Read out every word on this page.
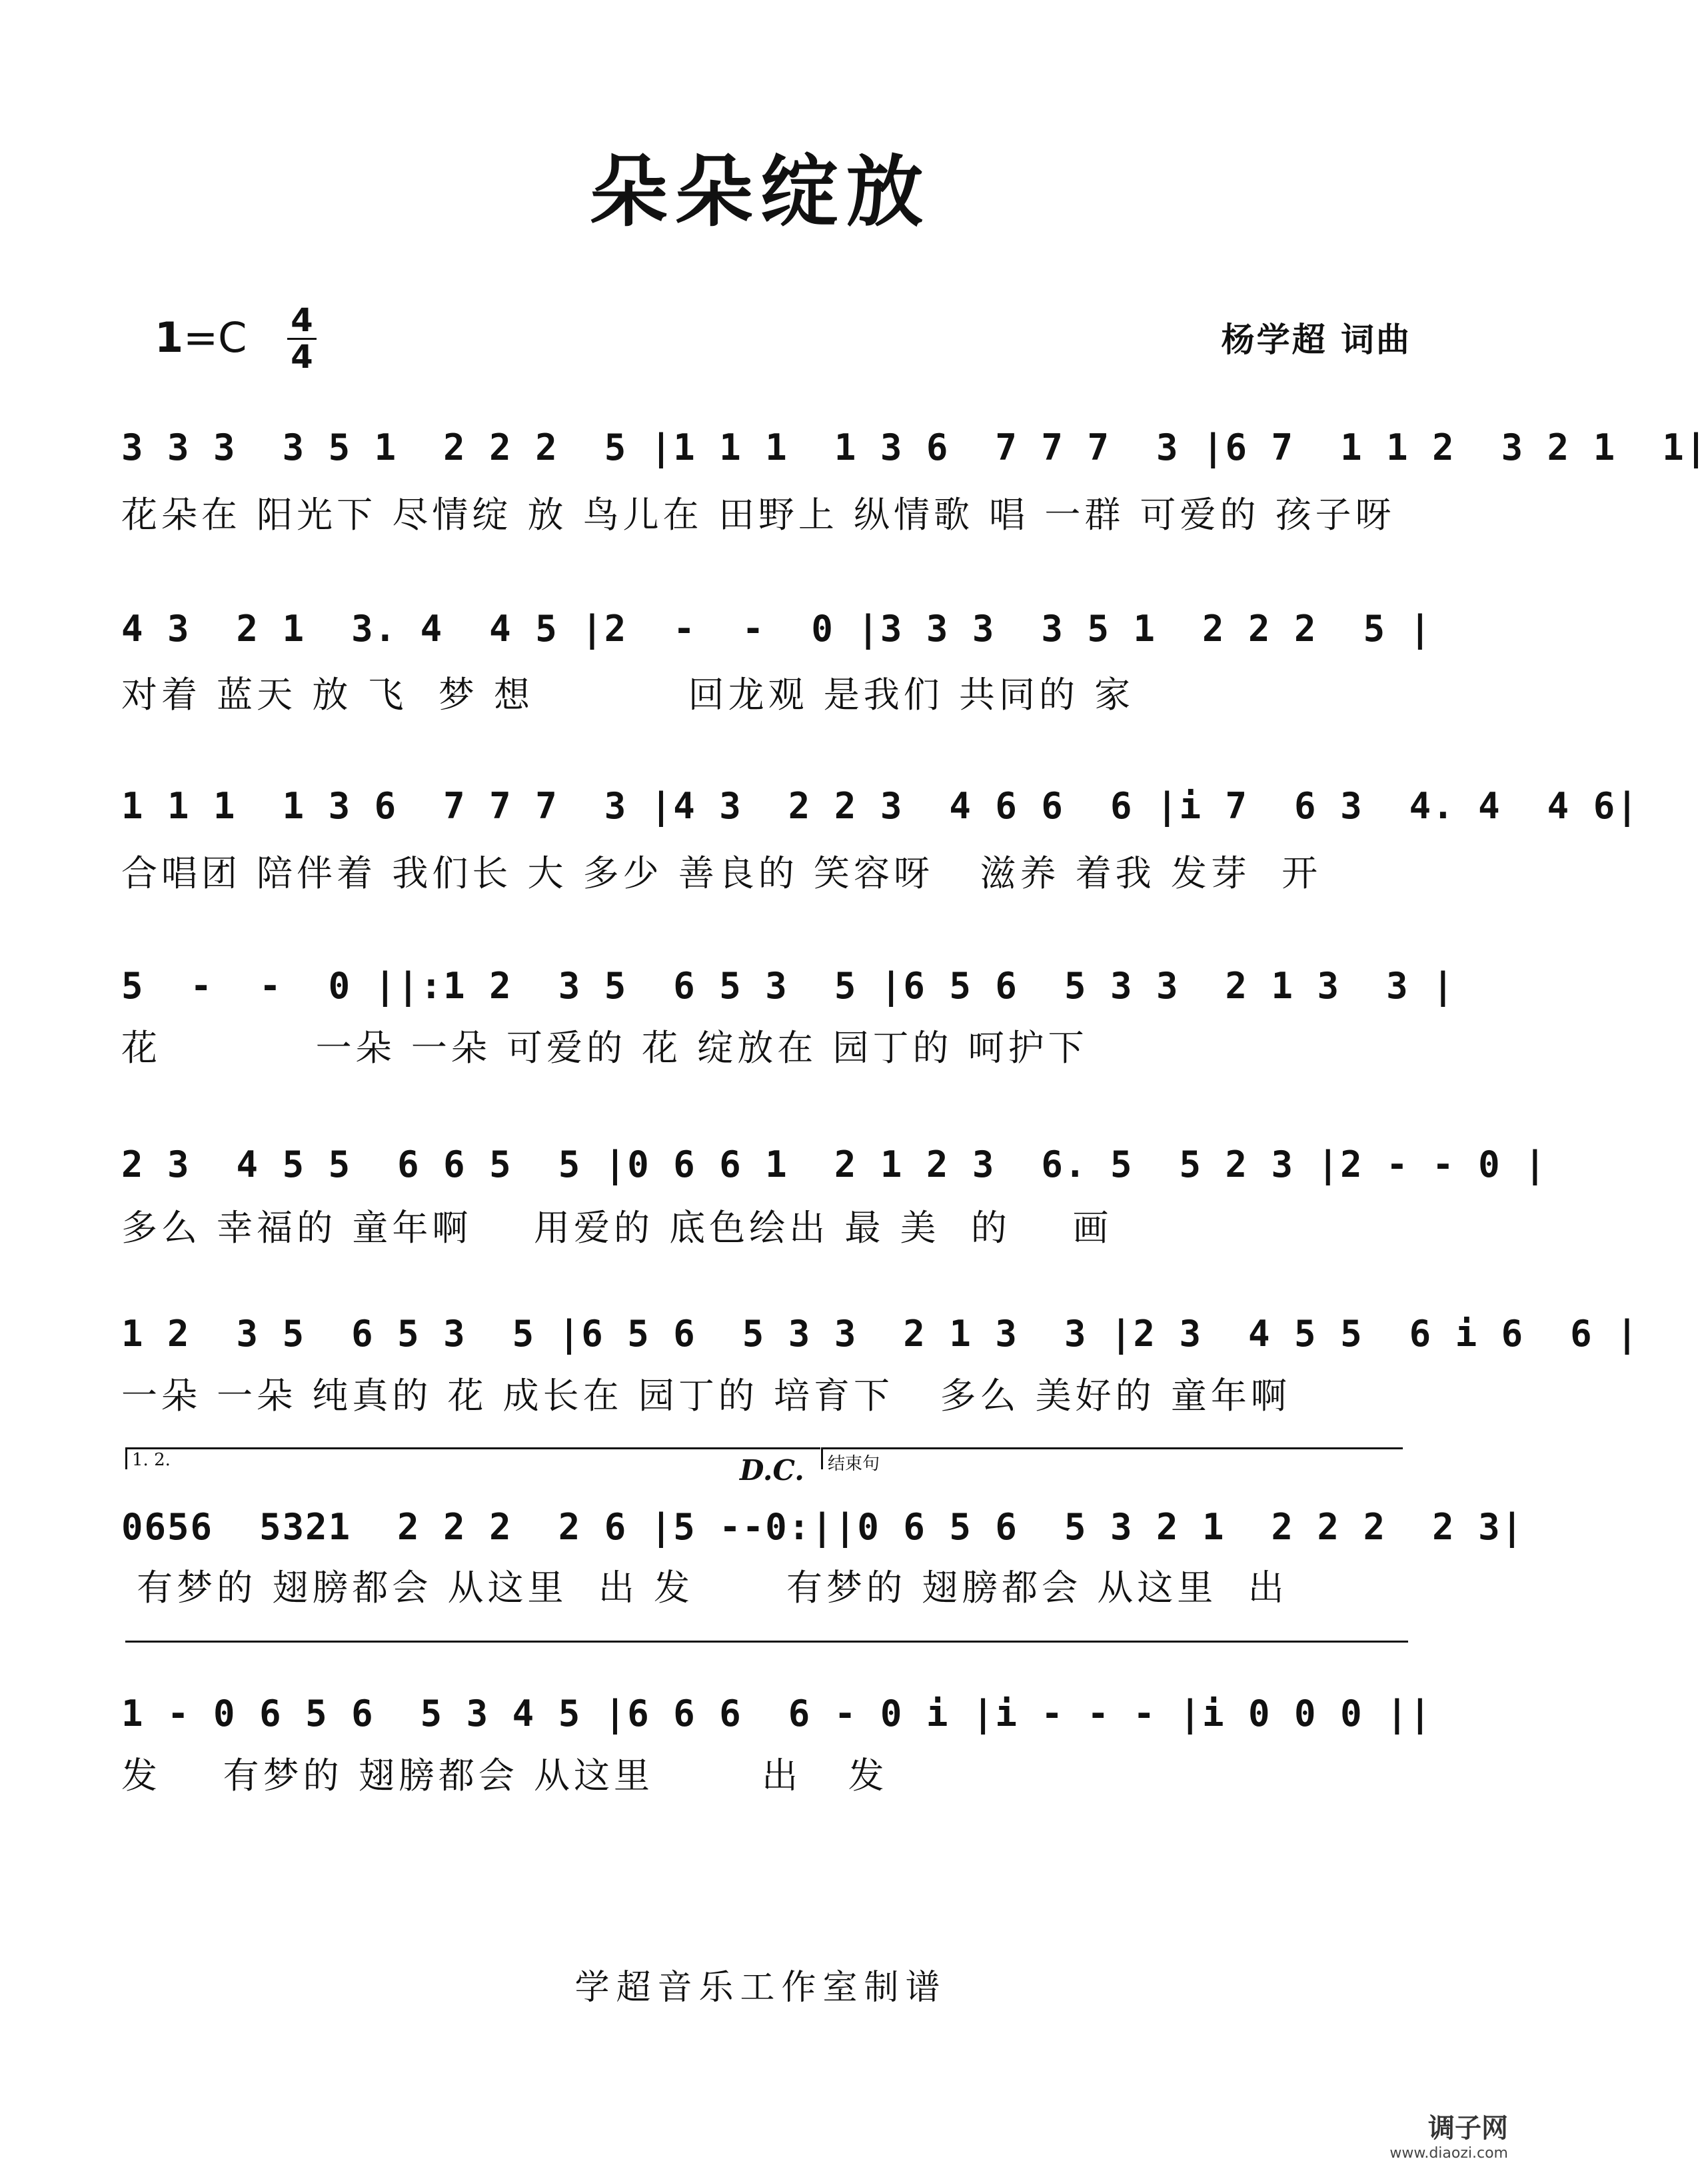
朵朵绽放
1=C 4
4	杨学超 词曲
3 3 3  3 5 1  2 2 2  5 |1 1 1  1 3 6  7 7 7  3 |6 7  1 1 2  3 2 1  1|
花朵在 阳光下 尽情绽 放 鸟儿在 田野上 纵情歌 唱 一群 可爱的 孩子呀
4 3  2 1  3. 4  4 5 |2  -  -  0 |3 3 3  3 5 1  2 2 2  5 |
对着 蓝天 放 飞  梦 想          回龙观 是我们 共同的 家
1 1 1  1 3 6  7 7 7  3 |4 3  2 2 3  4 6 6  6 |i 7  6 3  4. 4  4 6|
合唱团 陪伴着 我们长 大 多少 善良的 笑容呀   滋养 着我 发芽  开
5  -  -  0 ||:1 2  3 5  6 5 3  5 |6 5 6  5 3 3  2 1 3  3 |
花          一朵 一朵 可爱的 花 绽放在 园丁的 呵护下
2 3  4 5 5  6 6 5  5 |0 6 6 1  2 1 2 3  6. 5  5 2 3 |2 - - 0 |
多么 幸福的 童年啊    用爱的 底色绘出 最 美  的    画
1 2  3 5  6 5 3  5 |6 5 6  5 3 3  2 1 3  3 |2 3  4 5 5  6 i 6  6 |
一朵 一朵 纯真的 花 成长在 园丁的 培育下   多么 美好的 童年啊
1. 2.	D.C. 结束句
0656  5321  2 2 2  2 6 |5 --0:||0 6 5 6  5 3 2 1  2 2 2  2 3|
有梦的 翅膀都会 从这里  出 发      有梦的 翅膀都会 从这里  出
1 - 0 6 5 6  5 3 4 5 |6 6 6  6 - 0 i |i - - - |i 0 0 0 ||
发    有梦的 翅膀都会 从这里       出   发
学超音乐工作室制谱
调子网
www.diaozi.com
